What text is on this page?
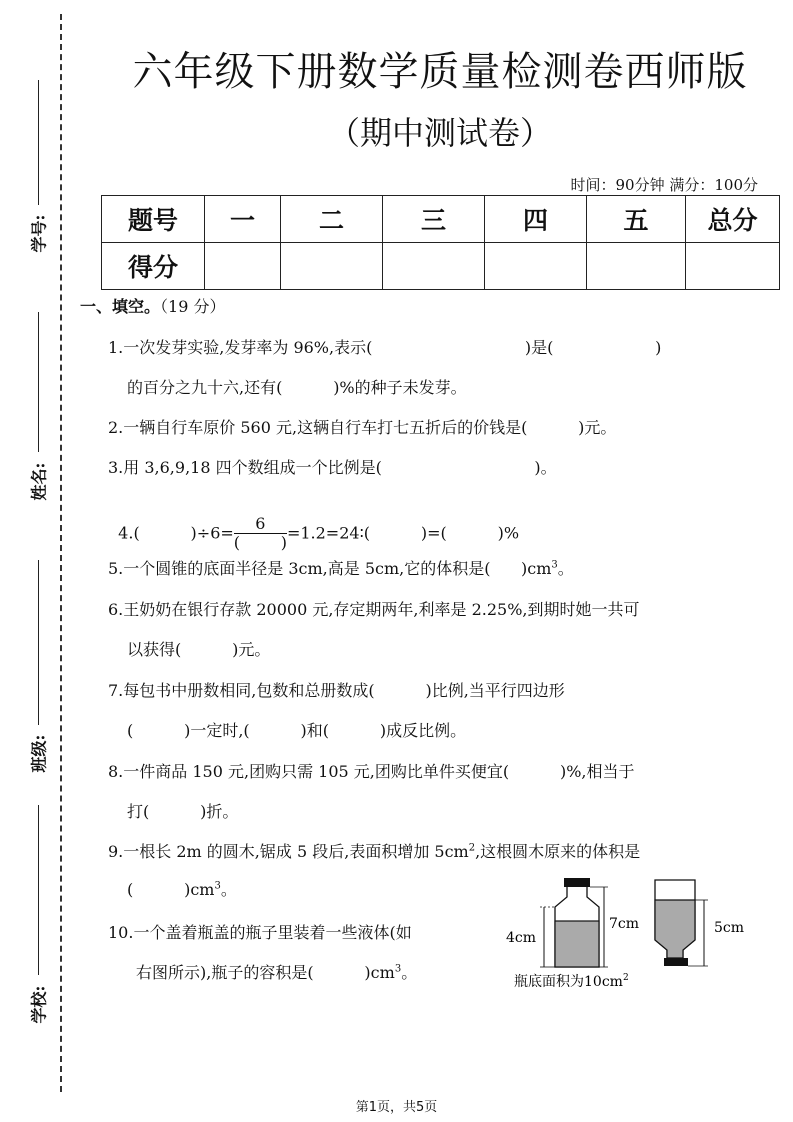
学号:
姓名:
班级:
学校:
六年级下册数学质量检测卷西师版
（期中测试卷）
时间：90分钟 满分：100分
题号	一	二	三	四	五	总分
得分						
一、填空。（19 分）
1.一次发芽实验,发芽率为 96%,表示(                              )是(                    )
的百分之九十六,还有(          )%的种子未发芽。
2.一辆自行车原价 560 元,这辆自行车打七五折后的价钱是(          )元。
3.用 3,6,9,18 四个数组成一个比例是(                              )。

4.(          )$\div 6= \frac{6}{( )}=1.2=24∶$(          )=(          )%

5.一个圆锥的底面半径是 3cm,高是 5cm,它的体积是(      )$cm^3$。
6.王奶奶在银行存款 20000 元,存定期两年,利率是 2.25%,到期时她一共可
以获得(          )元。
7.每包书中册数相同,包数和总册数成(          )比例,当平行四边形
(          )一定时,(          )和(          )成反比例。
8.一件商品 150 元,团购只需 105 元,团购比单件买便宜(          )%,相当于
打(          )折。
9.一根长 2m 的圆木,锯成 5 段后,表面积增加 $5cm^2$,这根圆木原来的体积是
(          )$cm^3$。
10.一个盖着瓶盖的瓶子里装着一些液体(如
右图所示),瓶子的容积是(          )$cm^3$。
4cm
7cm	5cm
瓶底面积为$10cm^2$
第1页，共5页
